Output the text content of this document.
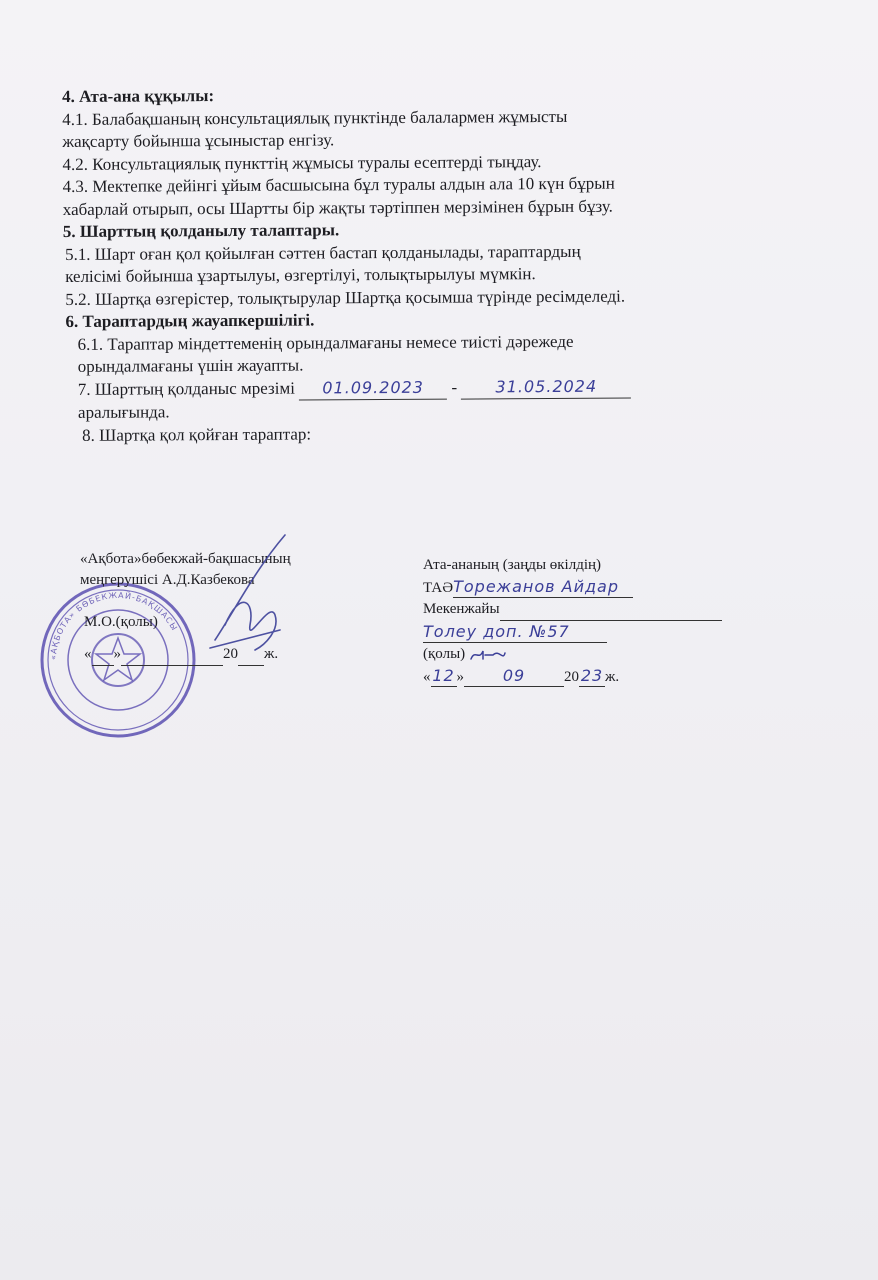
4. Ата-ана құқылы:

4.1. Балабақшаның консультациялық пунктінде балалармен жұмысты
жақсарту бойынша ұсыныстар енгізу.

4.2. Консультациялық пункттің жұмысы туралы есептерді тыңдау.

4.3. Мектепке дейінгі ұйым басшысына бұл туралы алдын ала 10 күн бұрын
хабарлай отырып, осы Шартты бір жақты тәртіппен мерзімінен бұрын бұзу.

5. Шарттың қолданылу талаптары.

5.1. Шарт оған қол қойылған сәттен бастап қолданылады, тараптардың
келісімі бойынша ұзартылуы, өзгертілуі, толықтырылуы мүмкін.

5.2. Шартқа өзгерістер, толықтырулар Шартқа қосымша түрінде ресімделеді.

6. Тараптардың жауапкершілігі.

6.1. Тараптар міндеттеменің орындалмағаны немесе тиісті дәрежеде
орындалмағаны үшін жауапты.

7. Шарттың қолданыс мрезімі 01.09.2023 - 31.05.2024
аралығында.

8. Шартқа қол қойған тараптар:

«АҚБОТА» БӨБЕКЖАЙ-БАҚШАСЫ
«Ақбота»бөбекжай-бақшасының
меңгерушісі А.Д.Казбекова
М.О.(қолы)
« »	20 ж.
Ата-ананың (заңды өкілдің)
ТАӘТорежанов Айдар
Мекенжайы
Толеу доп. №57
(қолы)
« 12 » 09	20 23 ж.
